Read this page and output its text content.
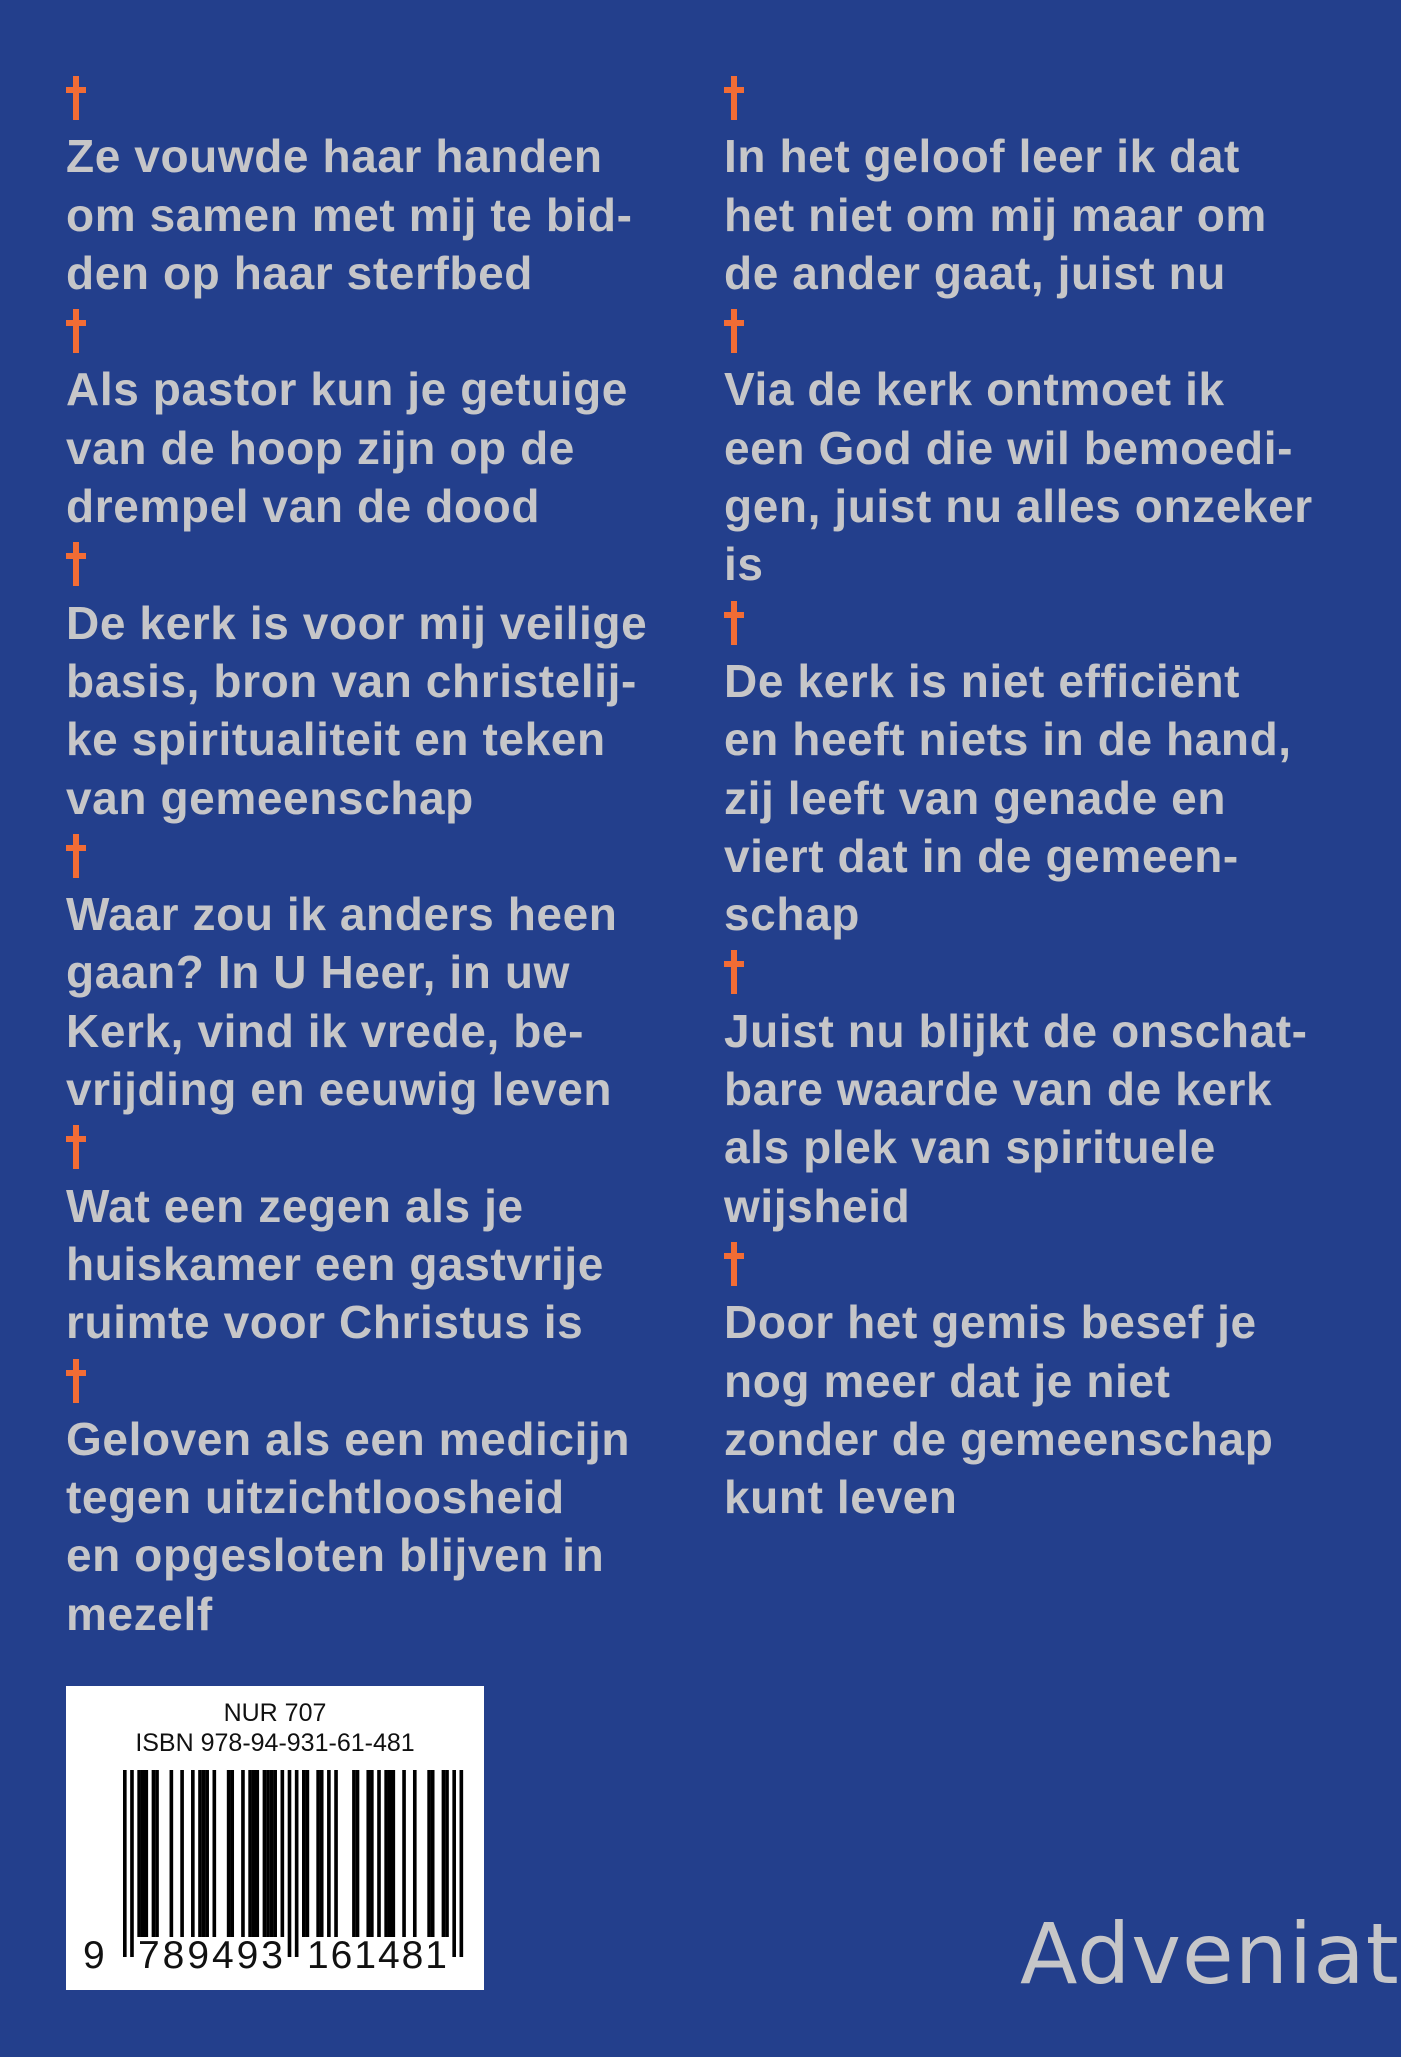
Ze vouwde haar handen
om samen met mij te bid-
den op haar sterfbed
Als pastor kun je getuige
van de hoop zijn op de
drempel van de dood
De kerk is voor mij veilige
basis, bron van christelij-
ke spiritualiteit en teken
van gemeenschap
Waar zou ik anders heen
gaan? In U Heer, in uw
Kerk, vind ik vrede, be-
vrijding en eeuwig leven
Wat een zegen als je
huiskamer een gastvrije
ruimte voor Christus is
Geloven als een medicijn
tegen uitzichtloosheid
en opgesloten blijven in
mezelf
In het geloof leer ik dat
het niet om mij maar om
de ander gaat, juist nu
Via de kerk ontmoet ik
een God die wil bemoedi-
gen, juist nu alles onzeker
is
De kerk is niet efficiënt
en heeft niets in de hand,
zij leeft van genade en
viert dat in de gemeen-
schap
Juist nu blijkt de onschat-
bare waarde van de kerk
als plek van spirituele
wijsheid
Door het gemis besef je
nog meer dat je niet
zonder de gemeenschap
kunt leven
NUR 707
ISBN 978-94-931-61-481
9 789493 161481	Adveniat
